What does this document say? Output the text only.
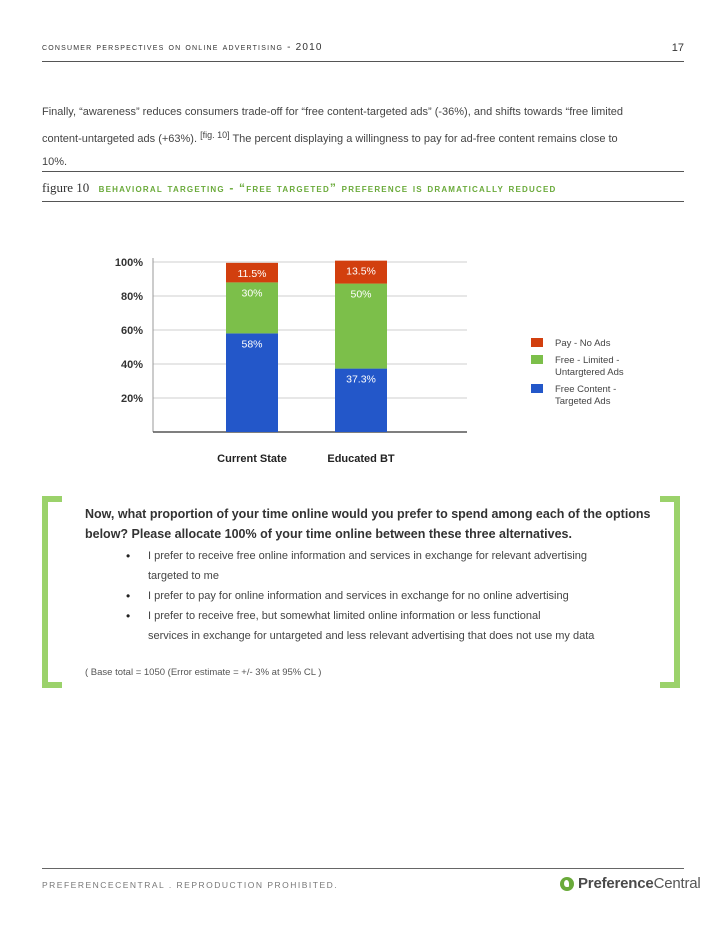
consumer perspectives on online advertising - 2010	17
Finally, “awareness” reduces consumers trade-off for “free content-targeted ads” (-36%), and shifts towards “free limited
content-untargeted ads (+63%). [fig. 10] The percent displaying a willingness to pay for ad-free content remains close to
10%.
figure 10 behavioral targeting - “free targeted” preference is dramatically reduced
100%
80%
60%
40%
20%
58%
30%
11.5%
Current State
37.3%
50%
13.5%
Educated BT
Pay - No Ads
Free - Limited -
Untargtered Ads
Free Content -
Targeted Ads
Now, what proportion of your time online would you prefer to spend among each of the options below? Please allocate 100% of your time online between these three alternatives.
• I prefer to receive free online information and services in exchange for relevant advertising
targeted to me
• I prefer to pay for online information and services in exchange for no online advertising
• I prefer to receive free, but somewhat limited online information or less functional
services in exchange for untargeted and less relevant advertising that does not use my data
( Base total = 1050 (Error estimate = +/- 3% at 95% CL )
PREFERENCECENTRAL . REPRODUCTION PROHIBITED.	PreferenceCentral
